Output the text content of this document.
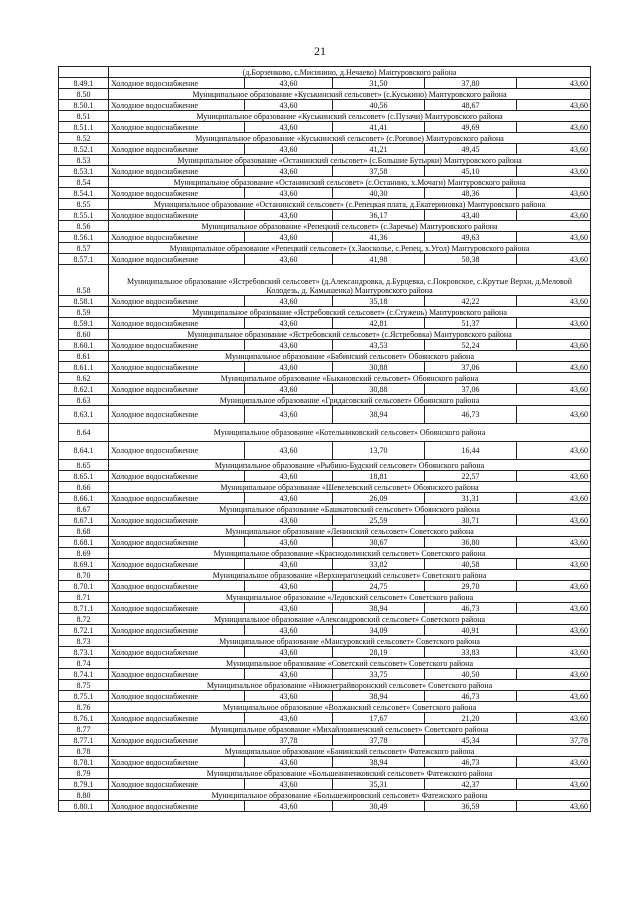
21
	(д.Борзенково, с.Мисинино, д.Нечаево) Мантуровского района				
8.49.1	Холодное водоснабжение	43,60	31,50	37,80	43,60
8.50	Муниципальное образование «Куськинский сельсовет» (с.Куськино) Мантуровского района				
8.50.1	Холодное водоснабжение	43,60	40,56	48,67	43,60
8.51	Муниципальное образование «Куськинский сельсовет» (с.Пузачи) Мантуровского района				
8.51.1	Холодное водоснабжение	43,60	41,41	49,69	43,60
8.52	Муниципальное образование «Куськинский сельсовет» (с.Роговое) Мантуровского района				
8.52.1	Холодное водоснабжение	43,60	41,21	49,45	43,60
8.53	Муниципальное образование «Останинский сельсовет» (с.Большие Бутырки) Мантуровского района				
8.53.1	Холодное водоснабжение	43,60	37,58	45,10	43,60
8.54	Муниципальное образование «Останинский сельсовет» (с.Останино, х.Мочаги) Мантуровского района				
8.54.1	Холодное водоснабжение	43,60	40,30	48,36	43,60
8.55	Муниципальное образование «Останинский сельсовет» (с.Репецкая плата, д.Екатериновка) Мантуровского района				
8.55.1	Холодное водоснабжение	43,60	36,17	43,40	43,60
8.56	Муниципальное образование «Репецкий сельсовет» (с.Заречье) Мантуровского района				
8.56.1	Холодное водоснабжение	43,60	41,36	49,63	43,60
8.57	Муниципальное образование «Репецкий сельсовет» (х.Заосколье, с.Репец, х.Угол) Мантуровского района				
8.57.1	Холодное водоснабжение	43,60	41,98	50,38	43,60
8.58	Муниципальное образование «Ястребовский сельсовет» (д.Александровка, д.Бурцевка, с.Покровское, с.Крутые Верхи, д.Меловой Колодезь, д. Камышенка) Мантуровского района				
8.58.1	Холодное водоснабжение	43,60	35,18	42,22	43,60
8.59	Муниципальное образование «Ястребовский сельсовет» (с.Стужень) Мантуровского района				
8.59.1	Холодное водоснабжение	43,60	42,81	51,37	43,60
8.60	Муниципальное образование «Ястребовский сельсовет» (с.Ястребовка) Мантуровского района				
8.60.1	Холодное водоснабжение	43,60	43,53	52,24	43,60
8.61	Муниципальное образование «Бабинский сельсовет» Обоянского района				
8.61.1	Холодное водоснабжение	43,60	30,88	37,06	43,60
8.62	Муниципальное образование «Быкановский сельсовет» Обоянского района				
8.62.1	Холодное водоснабжение	43,60	30,88	37,06	43,60
8.63	Муниципальное образование «Гридасовский сельсовет» Обоянского района				
8.63.1	Холодное водоснабжение	43,60	38,94	46,73	43,60
8.64	Муниципальное образование «Котельниковский сельсовет» Обоянского района				
8.64.1	Холодное водоснабжение	43,60	13,70	16,44	43,60
8.65	Муниципальное образование «Рыбино-Будский сельсовет» Обоянского района				
8.65.1	Холодное водоснабжение	43,60	18,81	22,57	43,60
8.66	Муниципальное образование «Шевелевский сельсовет» Обоянского района				
8.66.1	Холодное водоснабжение	43,60	26,09	31,31	43,60
8.67	Муниципальное образование «Башкатовский сельсовет» Обоянского района				
8.67.1	Холодное водоснабжение	43,60	25,59	30,71	43,60
8.68	Муниципальное образование «Ленинский сельсовет» Советского района				
8.68.1	Холодное водоснабжение	43,60	30,67	36,80	43,60
8.69	Муниципальное образование «Краснодолинский сельсовет» Советского района				
8.69.1	Холодное водоснабжение	43,60	33,82	40,58	43,60
8.70	Муниципальное образование «Верхнерагозецкий сельсовет» Советского района				
8.70.1	Холодное водоснабжение	43,60	24,75	29,70	43,60
8.71	Муниципальное образование «Ледовский сельсовет» Советского района				
8.71.1	Холодное водоснабжение	43,60	38,94	46,73	43,60
8.72	Муниципальное образование «Александровский сельсовет» Советского района				
8.72.1	Холодное водоснабжение	43,60	34,09	40,91	43,60
8.73	Муниципальное образование «Мансуровский сельсовет» Советского района				
8.73.1	Холодное водоснабжение	43,60	28,19	33,83	43,60
8.74	Муниципальное образование «Советский сельсовет» Советского района				
8.74.1	Холодное водоснабжение	43,60	33,75	40,50	43,60
8.75	Муниципальное образование «Нижнеграйворонский сельсовет» Советского района				
8.75.1	Холодное водоснабжение	43,60	38,94	46,73	43,60
8.76	Муниципальное образование «Волжанский сельсовет» Советского района				
8.76.1	Холодное водоснабжение	43,60	17,67	21,20	43,60
8.77	Муниципальное образование «Михайлоанненский сельсовет» Советского района				
8.77.1	Холодное водоснабжение	37,78	37,78	45,34	37,78
8.78	Муниципальное образование «Банинский сельсовет» Фатежского района				
8.78.1	Холодное водоснабжение	43,60	38,94	46,73	43,60
8.79	Муниципальное образование «Большеанненковский сельсовет» Фатежского района				
8.79.1	Холодное водоснабжение	43,60	35,31	42,37	43,60
8.80	Муниципальное образование «Большежировский сельсовет» Фатежского района				
8.80.1	Холодное водоснабжение	43,60	30,49	36,59	43,60
